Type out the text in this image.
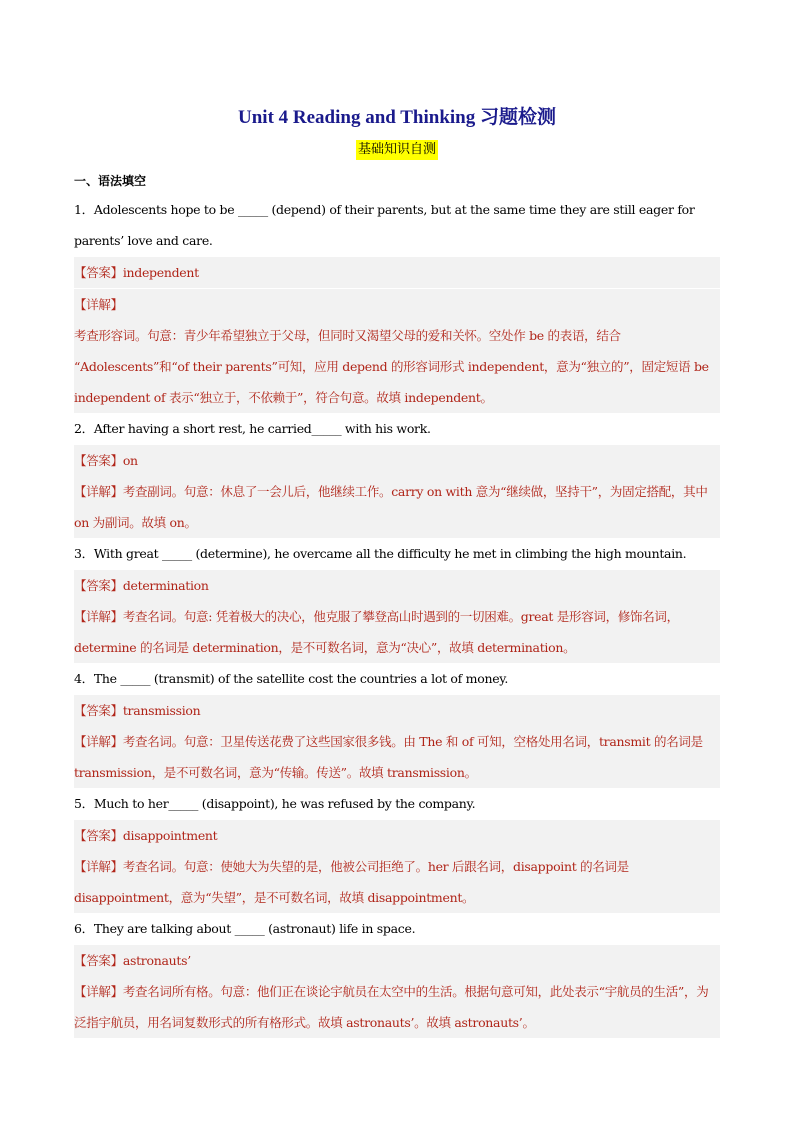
Unit 4 Reading and Thinking 习题检测
基础知识自测
一、语法填空
1．Adolescents hope to be _____ (depend) of their parents, but at the same time they are still eager for parents’ love and care.
【答案】independent
【详解】
考查形容词。句意：青少年希望独立于父母，但同时又渴望父母的爱和关怀。空处作 be 的表语，结合 “Adolescents”和“of their parents”可知，应用 depend 的形容词形式 independent，意为“独立的”，固定短语 be independent of 表示“独立于，不依赖于”，符合句意。故填 independent。
2．After having a short rest, he carried_____ with his work.
【答案】on
【详解】考查副词。句意：休息了一会儿后，他继续工作。carry on with 意为“继续做，坚持干”，为固定搭配，其中 on 为副词。故填 on。
3．With great _____ (determine), he overcame all the difficulty he met in climbing the high mountain.
【答案】determination
【详解】考查名词。句意: 凭着极大的决心，他克服了攀登高山时遇到的一切困难。great 是形容词，修饰名词，determine 的名词是 determination，是不可数名词，意为“决心”，故填 determination。
4．The _____ (transmit) of the satellite cost the countries a lot of money.
【答案】transmission
【详解】考查名词。句意：卫星传送花费了这些国家很多钱。由 The 和 of 可知，空格处用名词，transmit 的名词是 transmission，是不可数名词，意为“传输。传送”。故填 transmission。
5．Much to her_____ (disappoint), he was refused by the company.
【答案】disappointment
【详解】考查名词。句意：使她大为失望的是，他被公司拒绝了。her 后跟名词，disappoint 的名词是 disappointment，意为“失望”，是不可数名词，故填 disappointment。
6．They are talking about _____ (astronaut) life in space.
【答案】astronauts’
【详解】考查名词所有格。句意：他们正在谈论宇航员在太空中的生活。根据句意可知，此处表示“宇航员的生活”，为泛指宇航员，用名词复数形式的所有格形式。故填 astronauts’。故填 astronauts’。
